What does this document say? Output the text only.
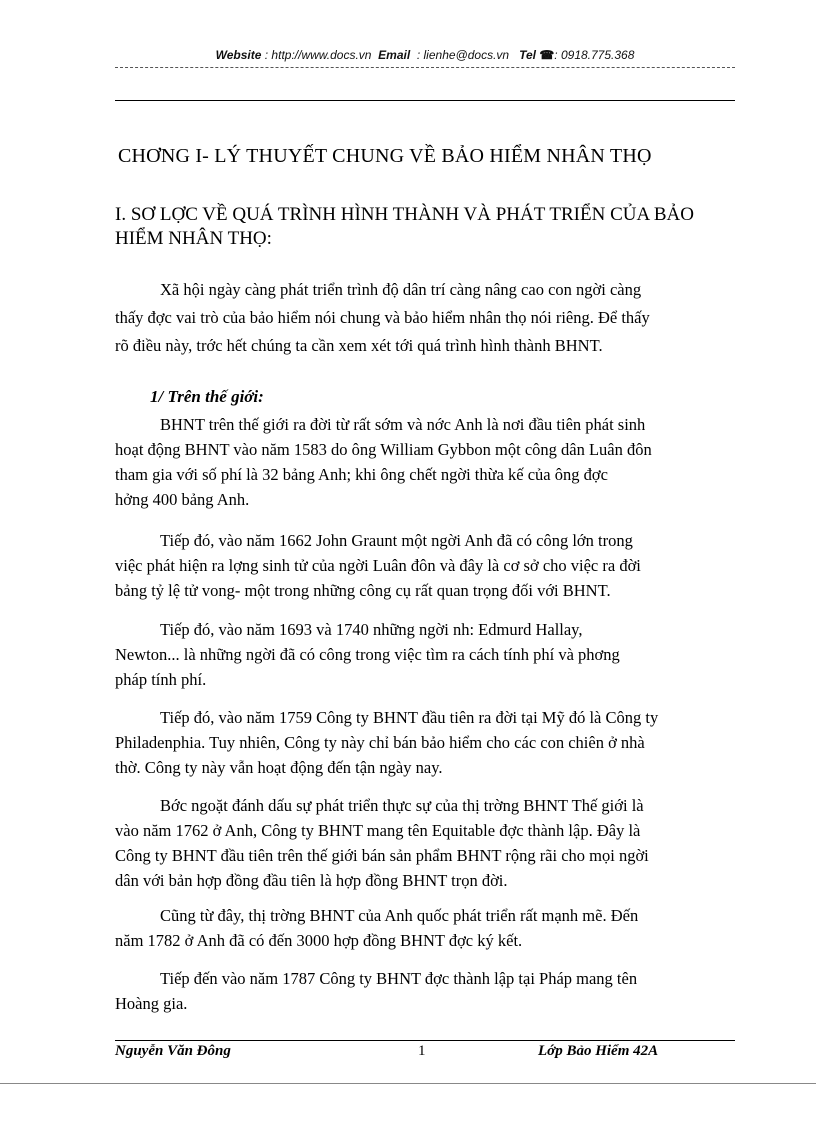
Website : http://www.docs.vn Email : lienhe@docs.vn Tel ☎: 0918.775.368
CHƠNG I- LÝ THUYẾT CHUNG VỀ BẢO HIỂM NHÂN THỌ
I. SƠ LỢC VỀ QUÁ TRÌNH HÌNH THÀNH VÀ PHÁT TRIỂN CỦA BẢO HIỂM NHÂN THỌ:
Xã hội ngày càng phát triển trình độ dân trí càng nâng cao con ngời càng
thấy đợc vai trò của bảo hiểm nói chung và bảo hiểm nhân thọ nói riêng. Để thấy
rõ điều này, trớc hết chúng ta cần xem xét tới quá trình hình thành BHNT.
1/ Trên thế giới:
BHNT trên thế giới ra đời từ rất sớm và nớc Anh là nơi đầu tiên phát sinh
hoạt động BHNT vào năm 1583 do ông William Gybbon một công dân Luân đôn
tham gia với số phí là 32 bảng Anh; khi ông chết ngời thừa kế của ông đợc
hởng 400 bảng Anh.
Tiếp đó, vào năm 1662 John Graunt một ngời Anh đã có công lớn trong
việc phát hiện ra lợng sinh tử của ngời Luân đôn và đây là cơ sở cho việc ra đời
bảng tỷ lệ tử vong- một trong những công cụ rất quan trọng đối với BHNT.
Tiếp đó, vào năm 1693 và 1740 những ngời nh: Edmurd Hallay,
Newton... là những ngời đã có công trong việc tìm ra cách tính phí và phơng
pháp tính phí.
Tiếp đó, vào năm 1759 Công ty BHNT đầu tiên ra đời tại Mỹ đó là Công ty
Philadenphia. Tuy nhiên, Công ty này chỉ bán bảo hiểm cho các con chiên ở nhà
thờ. Công ty này vẫn hoạt động đến tận ngày nay.
Bớc ngoặt đánh dấu sự phát triển thực sự của thị trờng BHNT Thế giới là
vào năm 1762 ở Anh, Công ty BHNT mang tên Equitable đợc thành lập. Đây là
Công ty BHNT đầu tiên trên thế giới bán sản phẩm BHNT rộng rãi cho mọi ngời
dân với bản hợp đồng đầu tiên là hợp đồng BHNT trọn đời.
Cũng từ đây, thị trờng BHNT của Anh quốc phát triển rất mạnh mẽ. Đến
năm 1782 ở Anh đã có đến 3000 hợp đồng BHNT đợc ký kết.
Tiếp đến vào năm 1787 Công ty BHNT đợc thành lập tại Pháp mang tên
Hoàng gia.
Nguyễn Văn Đông	1	Lớp Bảo Hiểm 42A
